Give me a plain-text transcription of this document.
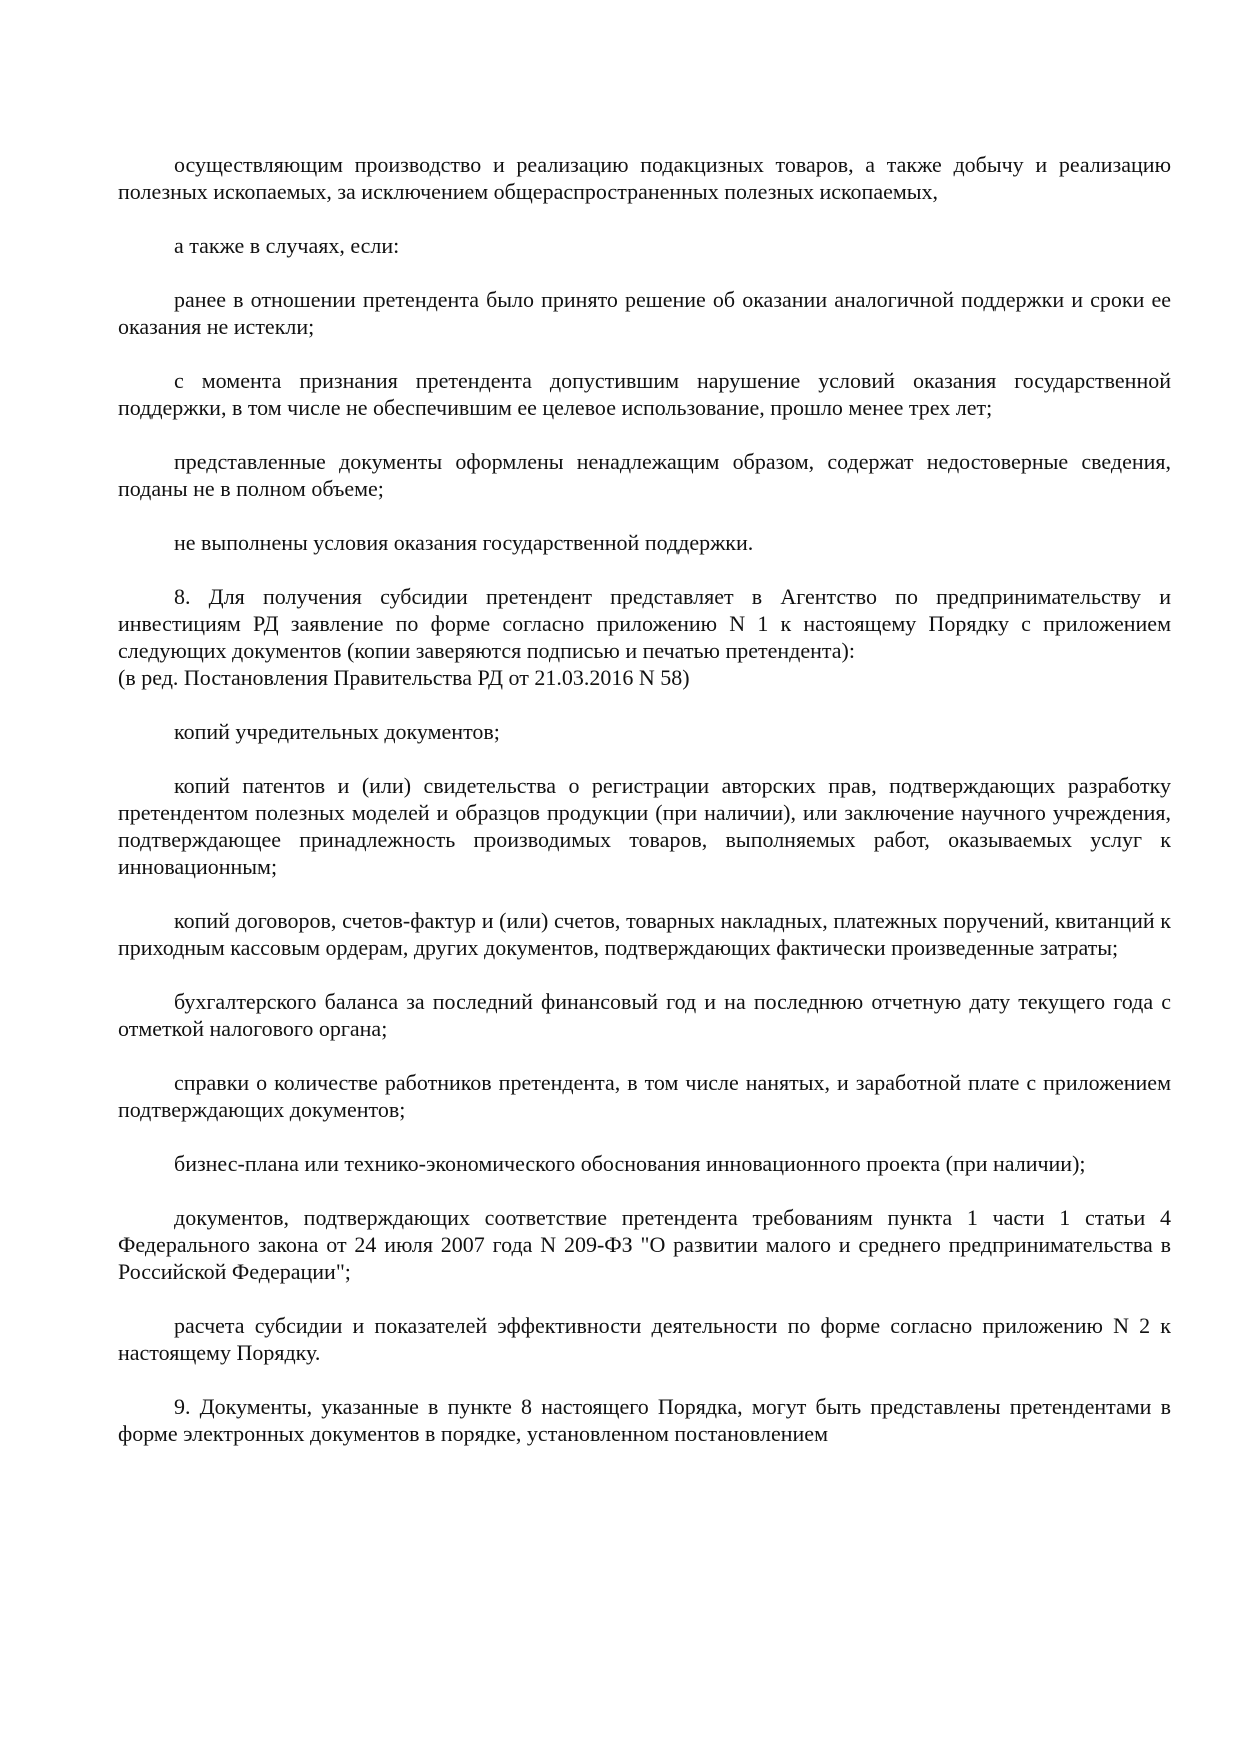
осуществляющим производство и реализацию подакцизных товаров, а также добычу и реализацию полезных ископаемых, за исключением общераспространенных полезных ископаемых,

а также в случаях, если:

ранее в отношении претендента было принято решение об оказании аналогичной поддержки и сроки ее оказания не истекли;

с момента признания претендента допустившим нарушение условий оказания государственной поддержки, в том числе не обеспечившим ее целевое использование, прошло менее трех лет;

представленные документы оформлены ненадлежащим образом, содержат недостоверные сведения, поданы не в полном объеме;

не выполнены условия оказания государственной поддержки.

8. Для получения субсидии претендент представляет в Агентство по предпринимательству и инвестициям РД заявление по форме согласно приложению N 1 к настоящему Порядку с приложением следующих документов (копии заверяются подписью и печатью претендента):

(в ред. Постановления Правительства РД от 21.03.2016 N 58)

копий учредительных документов;

копий патентов и (или) свидетельства о регистрации авторских прав, подтверждающих разработку претендентом полезных моделей и образцов продукции (при наличии), или заключение научного учреждения, подтверждающее принадлежность производимых товаров, выполняемых работ, оказываемых услуг к инновационным;

копий договоров, счетов-фактур и (или) счетов, товарных накладных, платежных поручений, квитанций к приходным кассовым ордерам, других документов, подтверждающих фактически произведенные затраты;

бухгалтерского баланса за последний финансовый год и на последнюю отчетную дату текущего года с отметкой налогового органа;

справки о количестве работников претендента, в том числе нанятых, и заработной плате с приложением подтверждающих документов;

бизнес-плана или технико-экономического обоснования инновационного проекта (при наличии);

документов, подтверждающих соответствие претендента требованиям пункта 1 части 1 статьи 4 Федерального закона от 24 июля 2007 года N 209-ФЗ "О развитии малого и среднего предпринимательства в Российской Федерации";

расчета субсидии и показателей эффективности деятельности по форме согласно приложению N 2 к настоящему Порядку.

9. Документы, указанные в пункте 8 настоящего Порядка, могут быть представлены претендентами в форме электронных документов в порядке, установленном постановлением
